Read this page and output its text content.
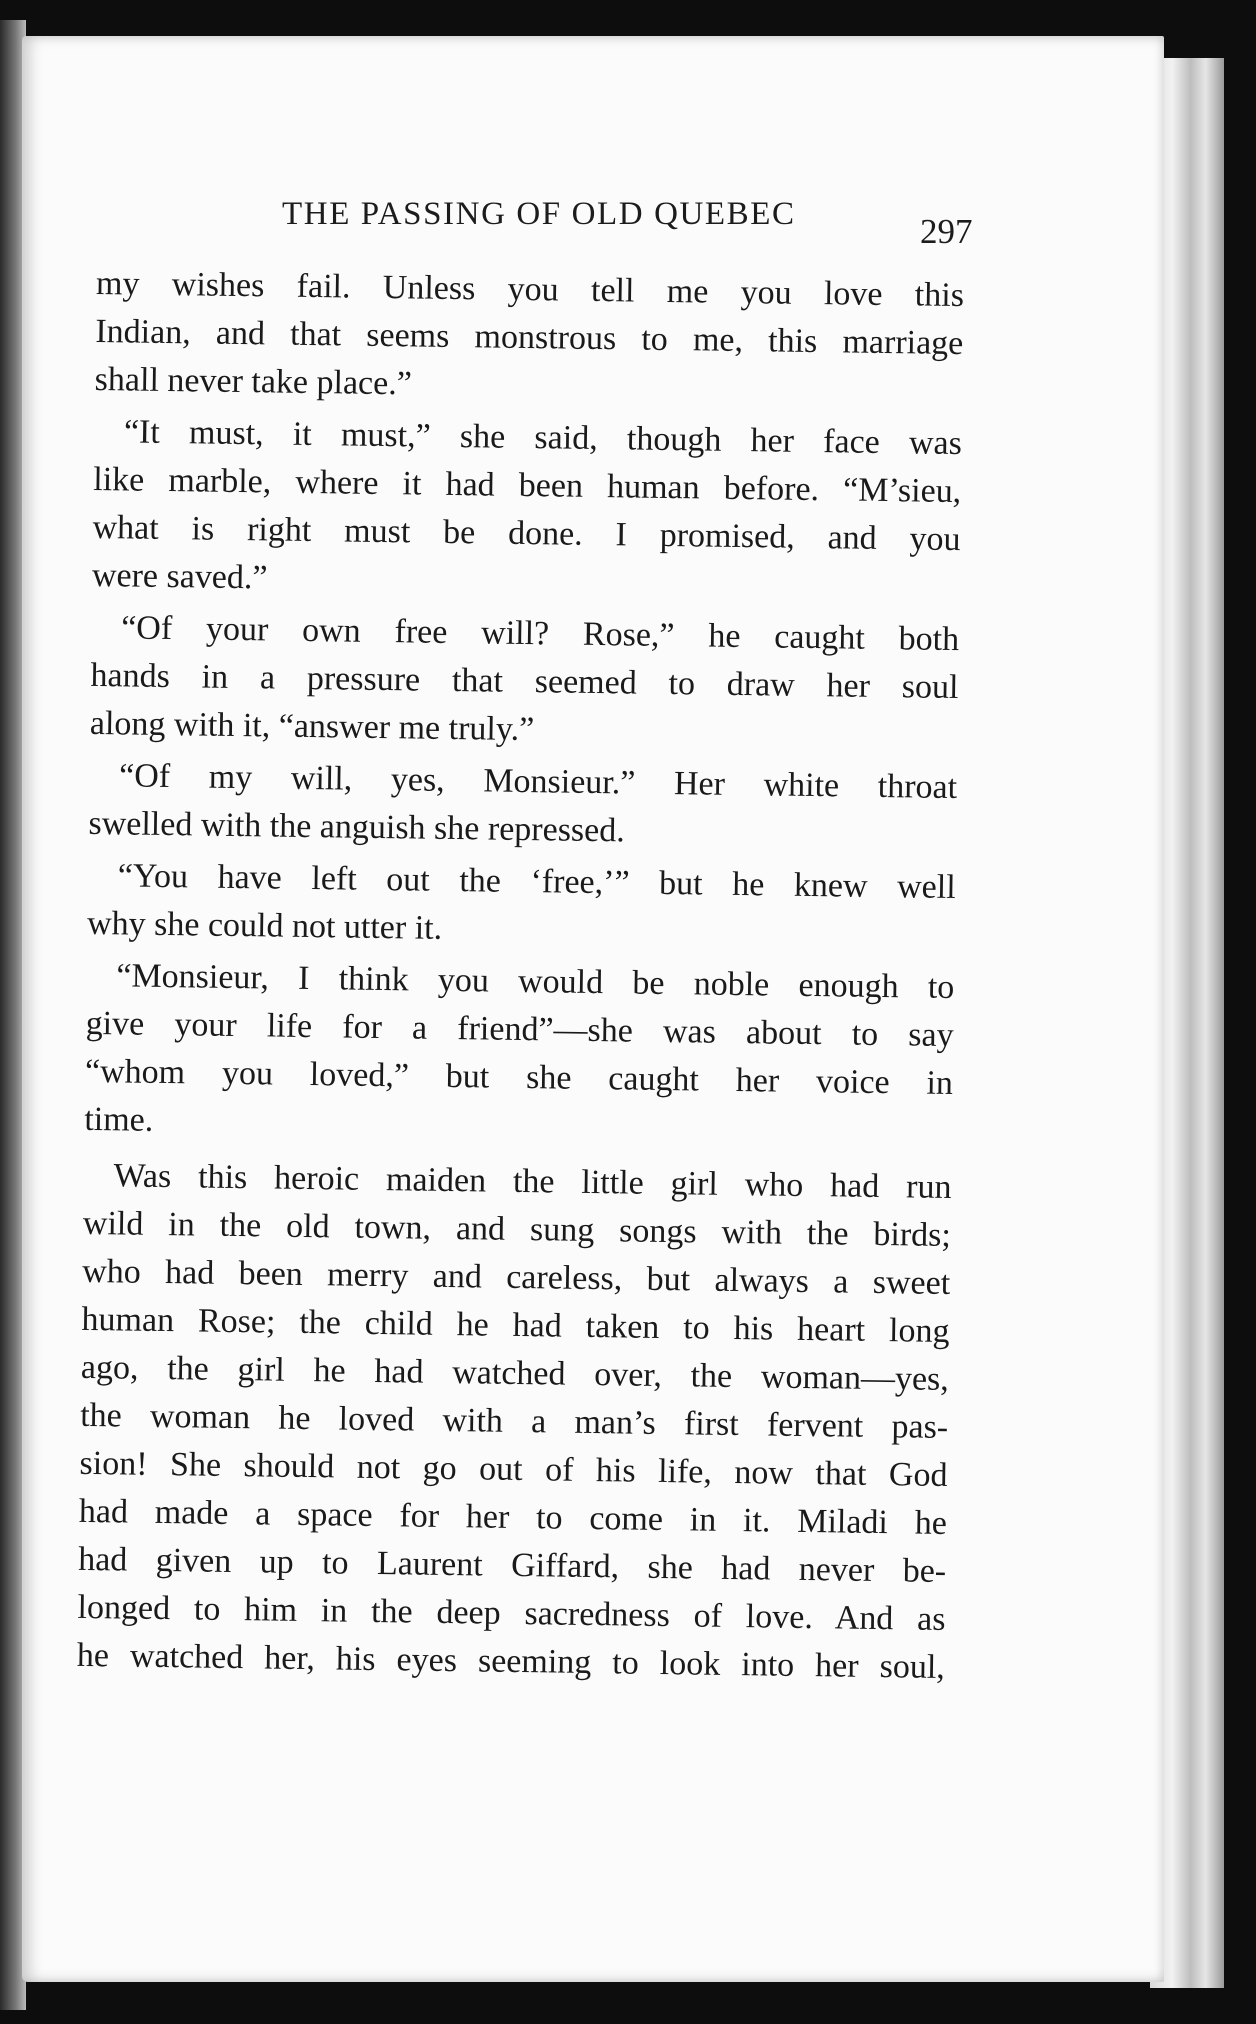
THE PASSING OF OLD QUEBEC	297
my wishes fail. Unless you tell me you love this
Indian, and that seems monstrous to me, this marriage
shall never take place.”
“It must, it must,” she said, though her face was
like marble, where it had been human before. “M’sieu,
what is right must be done. I promised, and you
were saved.”
“Of your own free will? Rose,” he caught both
hands in a pressure that seemed to draw her soul
along with it, “answer me truly.”
“Of my will, yes, Monsieur.” Her white throat
swelled with the anguish she repressed.
“You have left out the ‘free,’” but he knew well
why she could not utter it.
“Monsieur, I think you would be noble enough to
give your life for a friend”—she was about to say
“whom you loved,” but she caught her voice in
time.
Was this heroic maiden the little girl who had run
wild in the old town, and sung songs with the birds;
who had been merry and careless, but always a sweet
human Rose; the child he had taken to his heart long
ago, the girl he had watched over, the woman—yes,
the woman he loved with a man’s first fervent pas-
sion! She should not go out of his life, now that God
had made a space for her to come in it. Miladi he
had given up to Laurent Giffard, she had never be-
longed to him in the deep sacredness of love. And as
he watched her, his eyes seeming to look into her soul,
